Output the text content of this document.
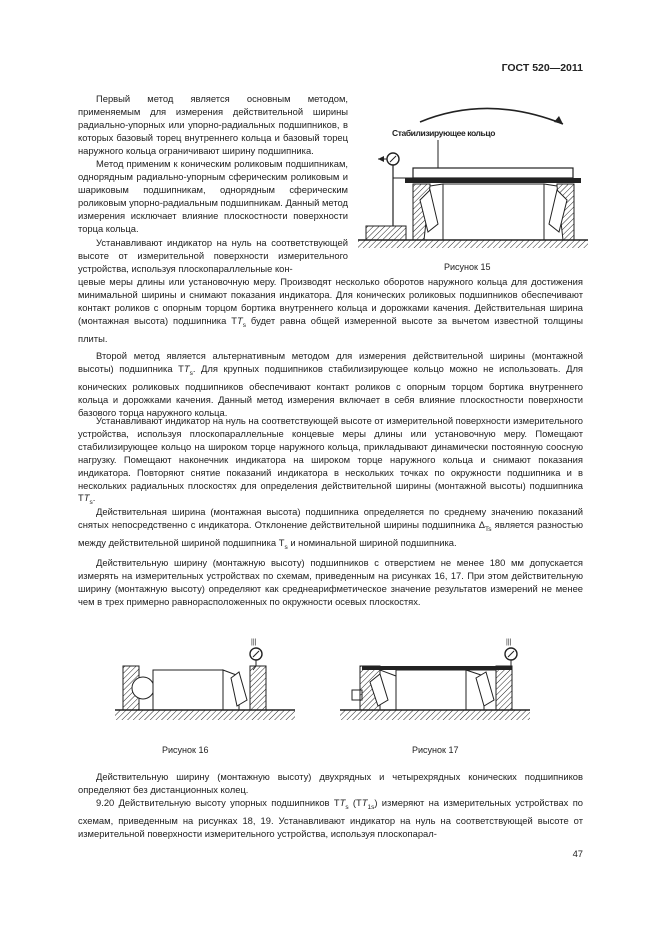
ГОСТ 520—2011
Первый метод является основным методом, применяемым для измерения действительной ширины радиально-упорных или упорно-радиальных подшипников, в которых базовый торец внутреннего кольца и базовый торец наружного кольца ограничивают ширину подшипника.
Метод применим к коническим роликовым подшипникам, однорядным радиально-упорным сферическим роликовым и шариковым подшипникам, однорядным сферическим роликовым упорно-радиальным подшипникам. Данный метод измерения исключает влияние плоскостности поверхности торца кольца.
Устанавливают индикатор на нуль на соответствующей высоте от измерительной поверхности измерительного устройства, используя плоскопараллельные кон-
цевые меры длины или установочную меру. Производят несколько оборотов наружного кольца для достижения минимальной ширины и снимают показания индикатора. Для конических роликовых подшипников обеспечивают контакт роликов с опорным торцом бортика внутреннего кольца и дорожками качения. Действительная ширина (монтажная высота) подшипника $TT_s$ будет равна общей измеренной высоте за вычетом известной толщины плиты.
Второй метод является альтернативным методом для измерения действительной ширины (монтажной высоты) подшипника $TT_s$. Для крупных подшипников стабилизирующее кольцо можно не использовать. Для конических роликовых подшипников обеспечивают контакт роликов с опорным торцом бортика внутреннего кольца и дорожками качения. Данный метод измерения включает в себя влияние плоскостности поверхности базового торца наружного кольца.
Устанавливают индикатор на нуль на соответствующей высоте от измерительной поверхности измерительного устройства, используя плоскопараллельные концевые меры длины или установочную меру. Помещают стабилизирующее кольцо на широком торце наружного кольца, прикладывают динамически постоянную соосную нагрузку. Помещают наконечник индикатора на широком торце наружного кольца и снимают показания индикатора. Повторяют снятие показаний индикатора в нескольких точках по окружности подшипника и в нескольких радиальных плоскостях для определения действительной ширины (монтажной высоты) подшипника $TT_s$.
Действительная ширина (монтажная высота) подшипника определяется по среднему значению показаний снятых непосредственно с индикатора. Отклонение действительной ширины подшипника $\Delta_{Ts}$ является разностью между действительной шириной подшипника $T_s$ и номинальной шириной подшипника.
Действительную ширину (монтажную высоту) подшипников с отверстием не менее 180 мм допускается измерять на измерительных устройствах по схемам, приведенным на рисунках 16, 17. При этом действительную ширину (монтажную высоту) определяют как среднеарифметическое значение результатов измерений не менее чем в трех примерно равнорасположенных по окружности осевых плоскостях.
Стабилизирующее кольцо
Рисунок 15
|||
Рисунок 16
|||
Рисунок 17
Действительную ширину (монтажную высоту) двухрядных и четырехрядных конических подшипников определяют без дистанционных колец.
9.20 Действительную высоту упорных подшипников $TT_s$ $(TT_{1s})$ измеряют на измерительных устройствах по схемам, приведенным на рисунках 18, 19. Устанавливают индикатор на нуль на соответствующей высоте от измерительной поверхности измерительного устройства, используя плоскопарал-
47
